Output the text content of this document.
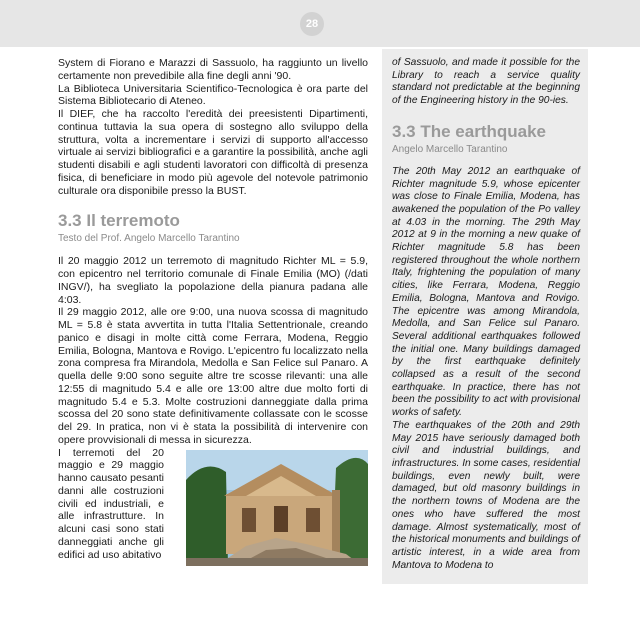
28

System di Fiorano e Marazzi di Sassuolo, ha raggiunto un livello certamente non prevedibile alla fine degli anni '90.

La Biblioteca Universitaria Scientifico-Tecnologica è ora parte del Sistema Bibliotecario di Ateneo.

Il DIEF, che ha raccolto l'eredità dei preesistenti Dipartimenti, continua tuttavia la sua opera di sostegno allo sviluppo della struttura, volta a incrementare i servizi di supporto all'accesso virtuale ai servizi bibliografici e a garantire la possibilità, anche agli studenti disabili e agli studenti lavoratori con difficoltà di presenza fisica, di beneficiare in modo più agevole del notevole patrimonio culturale ora disponibile presso la BUST.

3.3 Il terremoto
Testo del Prof. Angelo Marcello Tarantino

Il 20 maggio 2012 un terremoto di magnitudo Richter ML = 5.9, con epicentro nel territorio comunale di Finale Emilia (MO) (/dati INGV/), ha svegliato la popolazione della pianura padana alle 4:03.

Il 29 maggio 2012, alle ore 9:00, una nuova scossa di magnitudo ML = 5.8 è stata avvertita in tutta l'Italia Settentrionale, creando panico e disagi in molte città come Ferrara, Modena, Reggio Emilia, Bologna, Mantova e Rovigo. L'epicentro fu localizzato nella zona compresa fra Mirandola, Medolla e San Felice sul Panaro. A quella delle 9:00 sono seguite altre tre scosse rilevanti: una alle 12:55 di magnitudo 5.4 e alle ore 13:00 altre due molto forti di magnitudo 5.4 e 5.3. Molte costruzioni danneggiate dalla prima scossa del 20 sono state definitivamente collassate con le scosse del 29. In pratica, non vi è stata la possibilità di intervenire con opere provvisionali di messa in sicurezza.

I terremoti del 20 maggio e 29 maggio hanno causato pesanti danni alle costruzioni civili ed industriali, e alle infrastrutture. In alcuni casi sono stati danneggiati anche gli edifici ad uso abitativo

of Sassuolo, and made it possible for the Library to reach a service quality standard not predictable at the beginning of the Engineering history in the 90-ies.

3.3 The earthquake
Angelo Marcello Tarantino

The 20th May 2012 an earthquake of Richter magnitude 5.9, whose epicenter was close to Finale Emilia, Modena, has awakened the population of the Po valley at 4.03 in the morning. The 29th May 2012 at 9 in the morning a new quake of Richter magnitude 5.8 has been registered throughout the whole northern Italy, frightening the population of many cities, like Ferrara, Modena, Reggio Emilia, Bologna, Mantova and Rovigo. The epicentre was among Mirandola, Medolla, and San Felice sul Panaro. Several additional earthquakes followed the initial one. Many buildings damaged by the first earthquake definitely collapsed as a result of the second earthquake. In practice, there has not been the possibility to act with provisional works of safety.

The earthquakes of the 20th and 29th May 2015 have seriously damaged both civil and industrial buildings, and infrastructures. In some cases, residential buildings, even newly built, were damaged, but old masonry buildings in the northern towns of Modena are the ones who have suffered the most damage. Almost systematically, most of the historical monuments and buildings of artistic interest, in a wide area from Mantova to Modena to
